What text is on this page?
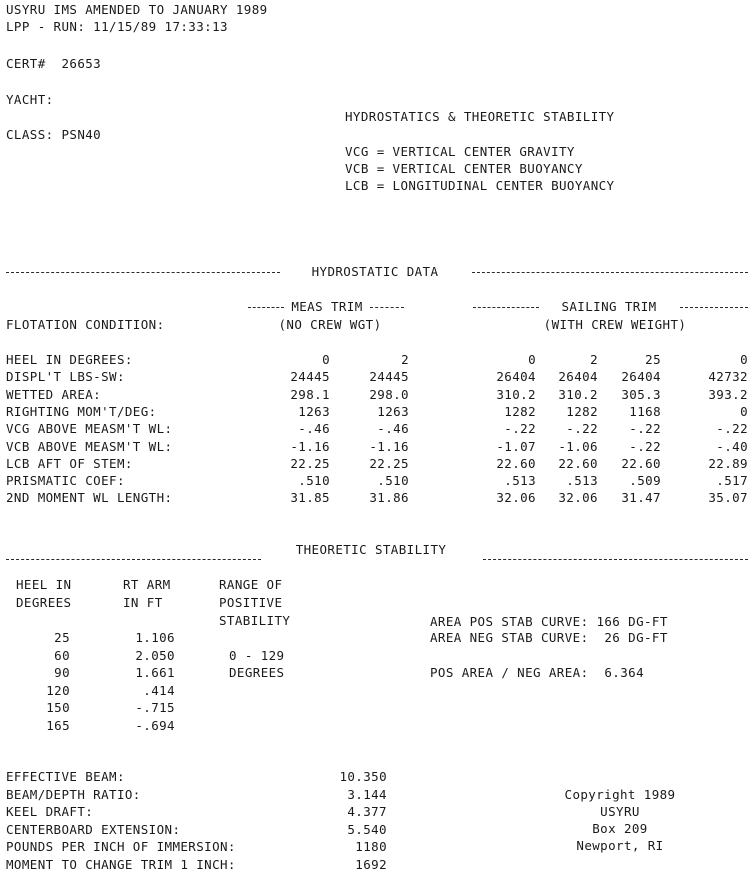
USYRU IMS AMENDED TO JANUARY 1989
LPP - RUN: 11/15/89 17:33:13
CERT#  26653
YACHT:
CLASS: PSN40
HYDROSTATICS & THEORETIC STABILITY
VCG = VERTICAL CENTER GRAVITY
VCB = VERTICAL CENTER BUOYANCY
LCB = LONGITUDINAL CENTER BUOYANCY
HYDROSTATIC DATA
MEAS TRIM
(NO CREW WGT)
SAILING TRIM
(WITH CREW WEIGHT)
FLOTATION CONDITION:
HEEL IN DEGREES:	0	2	0	2	25	0
DISPL'T LBS-SW:	24445	24445	26404	26404	26404	42732
WETTED AREA:	298.1	298.0	310.2	310.2	305.3	393.2
RIGHTING MOM'T/DEG:	1263	1263	1282	1282	1168	0
VCG ABOVE MEASM'T WL:	-.46	-.46	-.22	-.22	-.22	-.22
VCB ABOVE MEASM'T WL:	-1.16	-1.16	-1.07	-1.06	-.22	-.40
LCB AFT OF STEM:	22.25	22.25	22.60	22.60	22.60	22.89
PRISMATIC COEF:	.510	.510	.513	.513	.509	.517
2ND MOMENT WL LENGTH:	31.85	31.86	32.06	32.06	31.47	35.07
THEORETIC STABILITY
HEEL IN
DEGREES
RT ARM
IN FT
RANGE OF
POSITIVE
STABILITY
25	1.106
60	2.050
90	1.661
120	.414
150	-.715
165	-.694
0 - 129
DEGREES
AREA POS STAB CURVE: 166 DG-FT
AREA NEG STAB CURVE:  26 DG-FT
POS AREA / NEG AREA:  6.364
EFFECTIVE BEAM:	10.350
BEAM/DEPTH RATIO:	3.144
KEEL DRAFT:	4.377
CENTERBOARD EXTENSION:	5.540
POUNDS PER INCH OF IMMERSION:	1180
MOMENT TO CHANGE TRIM 1 INCH:	1692
Copyright 1989
USYRU
Box 209
Newport, RI
